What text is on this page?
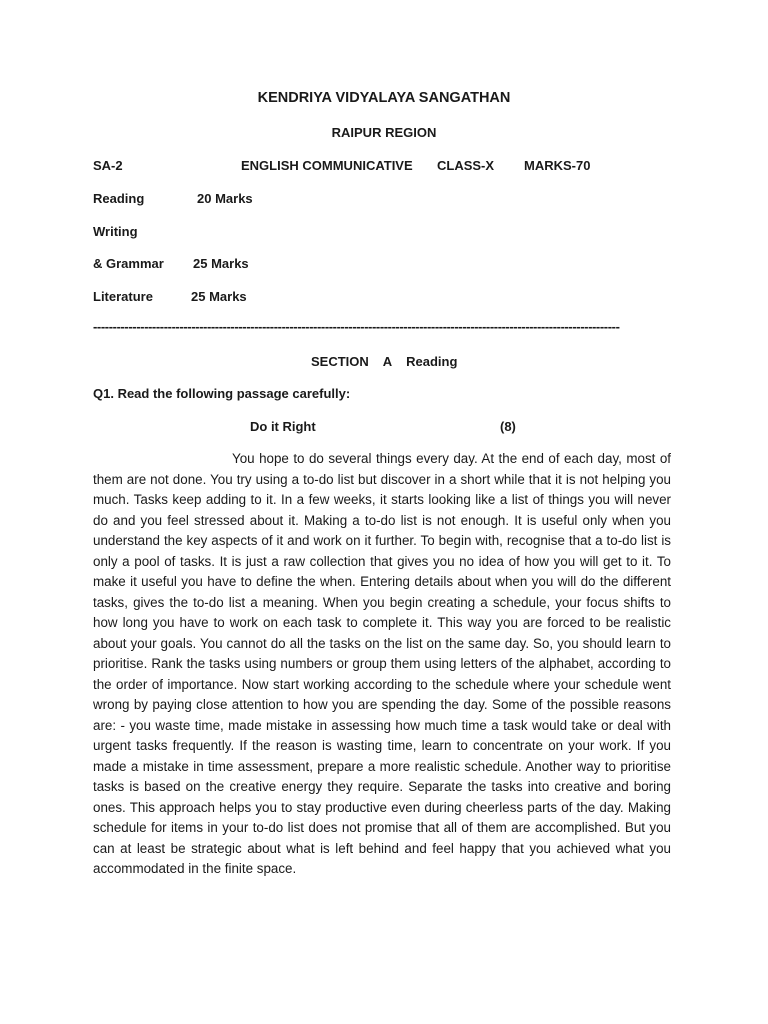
KENDRIYA VIDYALAYA SANGATHAN
RAIPUR REGION
SA-2	ENGLISH COMMUNICATIVE CLASS-X MARKS-70
Reading	20 Marks
Writing
& Grammar 25 Marks
Literature	25 Marks
--------------------------------------------------------------------------------------------------------------------------------------
SECTION    A    Reading
Q1. Read the following passage carefully:
Do it Right	(8)
You hope to do several things every day. At the end of each day, most of them are not done. You try using a to-do list but discover in a short while that it is not helping you much. Tasks keep adding to it. In a few weeks, it starts looking like a list of things you will never do and you feel stressed about it. Making a to-do list is not enough. It is useful only when you understand the key aspects of it and work on it further. To begin with, recognise that a to-do list is only a pool of tasks. It is just a raw collection that gives you no idea of how you will get to it. To make it useful you have to define the when. Entering details about when you will do the different tasks, gives the to-do list a meaning. When you begin creating a schedule, your focus shifts to how long you have to work on each task to complete it. This way you are forced to be realistic about your goals. You cannot do all the tasks on the list on the same day. So, you should learn to prioritise. Rank the tasks using numbers or group them using letters of the alphabet, according to the order of importance. Now start working according to the schedule where your schedule went wrong by paying close attention to how you are spending the day. Some of the possible reasons are: - you waste time, made mistake in assessing how much time a task would take or deal with urgent tasks frequently. If the reason is wasting time, learn to concentrate on your work. If you made a mistake in time assessment, prepare a more realistic schedule. Another way to prioritise tasks is based on the creative energy they require. Separate the tasks into creative and boring ones. This approach helps you to stay productive even during cheerless parts of the day. Making schedule for items in your to-do list does not promise that all of them are accomplished. But you can at least be strategic about what is left behind and feel happy that you achieved what you accommodated in the finite space.
